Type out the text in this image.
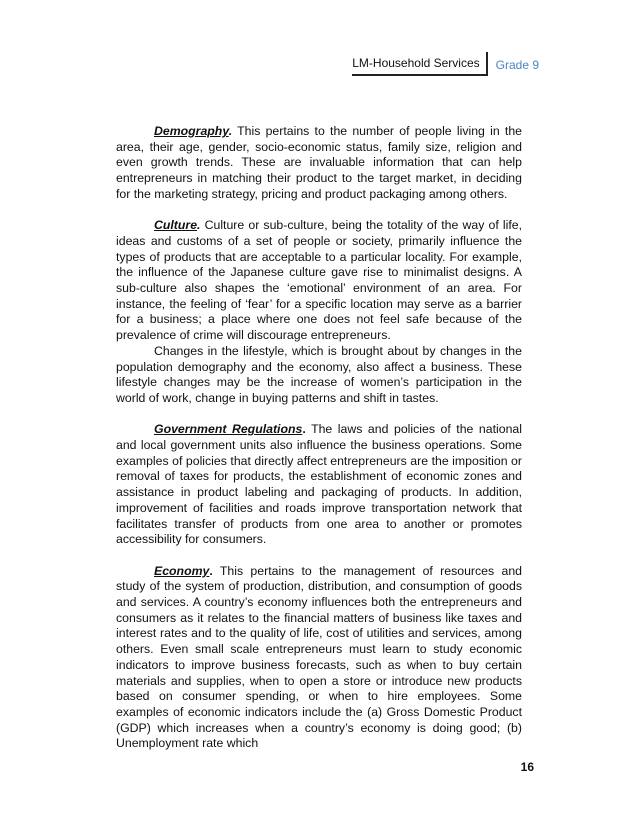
LM-Household Services	Grade 9

Demography. This pertains to the number of people living in the area, their age, gender, socio-economic status, family size, religion and even growth trends. These are invaluable information that can help entrepreneurs in matching their product to the target market, in deciding for the marketing strategy, pricing and product packaging among others.

Culture. Culture or sub-culture, being the totality of the way of life, ideas and customs of a set of people or society, primarily influence the types of products that are acceptable to a particular locality. For example, the influence of the Japanese culture gave rise to minimalist designs. A sub-culture also shapes the ‘emotional’ environment of an area. For instance, the feeling of ‘fear’ for a specific location may serve as a barrier for a business; a place where one does not feel safe because of the prevalence of crime will discourage entrepreneurs.

Changes in the lifestyle, which is brought about by changes in the population demography and the economy, also affect a business. These lifestyle changes may be the increase of women’s participation in the world of work, change in buying patterns and shift in tastes.

Government Regulations. The laws and policies of the national and local government units also influence the business operations. Some examples of policies that directly affect entrepreneurs are the imposition or removal of taxes for products, the establishment of economic zones and assistance in product labeling and packaging of products. In addition, improvement of facilities and roads improve transportation network that facilitates transfer of products from one area to another or promotes accessibility for consumers.

Economy. This pertains to the management of resources and study of the system of production, distribution, and consumption of goods and services. A country’s economy influences both the entrepreneurs and consumers as it relates to the financial matters of business like taxes and interest rates and to the quality of life, cost of utilities and services, among others. Even small scale entrepreneurs must learn to study economic indicators to improve business forecasts, such as when to buy certain materials and supplies, when to open a store or introduce new products based on consumer spending, or when to hire employees. Some examples of economic indicators include the (a) Gross Domestic Product (GDP) which increases when a country’s economy is doing good; (b) Unemployment rate which

16
